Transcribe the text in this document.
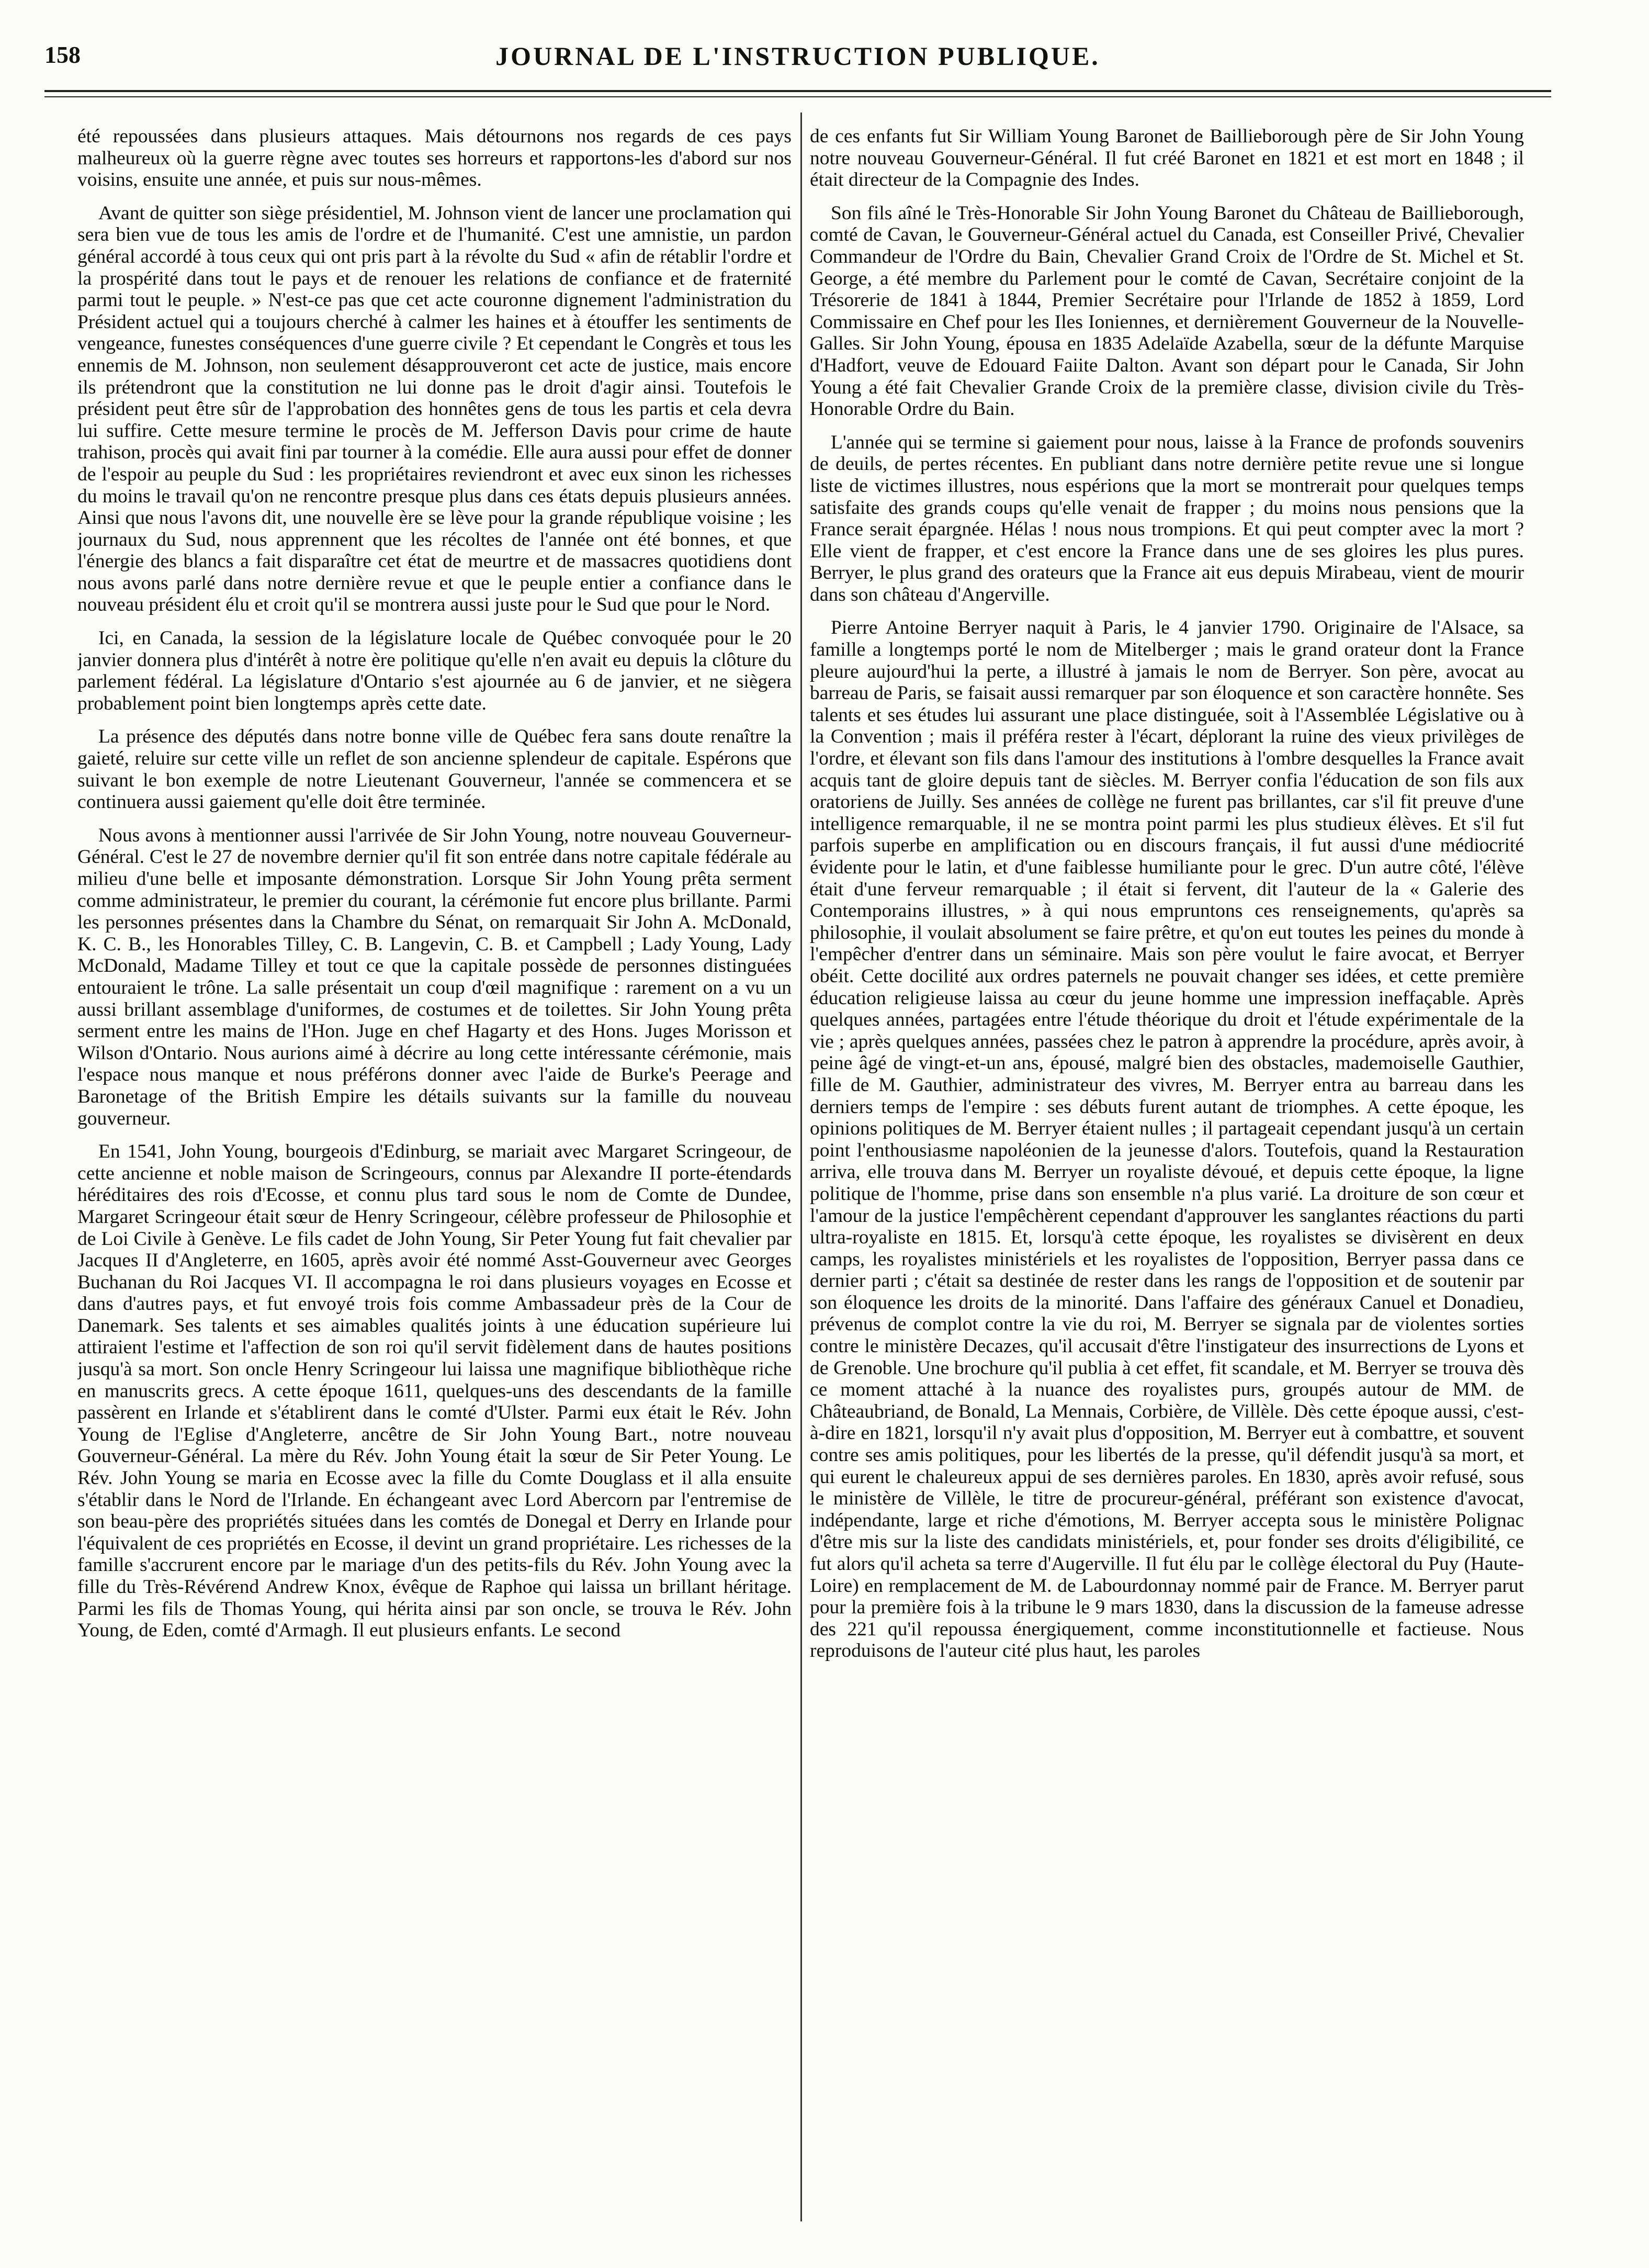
158	JOURNAL DE L'INSTRUCTION PUBLIQUE.

été repoussées dans plusieurs attaques. Mais détournons nos regards de ces pays malheureux où la guerre règne avec toutes ses horreurs et rapportons-les d'abord sur nos voisins, ensuite une année, et puis sur nous-mêmes.

Avant de quitter son siège présidentiel, M. Johnson vient de lancer une proclamation qui sera bien vue de tous les amis de l'ordre et de l'humanité. C'est une amnistie, un pardon général accordé à tous ceux qui ont pris part à la révolte du Sud « afin de rétablir l'ordre et la prospérité dans tout le pays et de renouer les relations de confiance et de fraternité parmi tout le peuple. » N'est-ce pas que cet acte couronne dignement l'administration du Président actuel qui a toujours cherché à calmer les haines et à étouffer les sentiments de vengeance, funestes conséquences d'une guerre civile ? Et cependant le Congrès et tous les ennemis de M. Johnson, non seulement désapprouveront cet acte de justice, mais encore ils prétendront que la constitution ne lui donne pas le droit d'agir ainsi. Toutefois le président peut être sûr de l'approbation des honnêtes gens de tous les partis et cela devra lui suffire. Cette mesure termine le procès de M. Jefferson Davis pour crime de haute trahison, procès qui avait fini par tourner à la comédie. Elle aura aussi pour effet de donner de l'espoir au peuple du Sud : les propriétaires reviendront et avec eux sinon les richesses du moins le travail qu'on ne rencontre presque plus dans ces états depuis plusieurs années. Ainsi que nous l'avons dit, une nouvelle ère se lève pour la grande république voisine ; les journaux du Sud, nous apprennent que les récoltes de l'année ont été bonnes, et que l'énergie des blancs a fait disparaître cet état de meurtre et de massacres quotidiens dont nous avons parlé dans notre dernière revue et que le peuple entier a confiance dans le nouveau président élu et croit qu'il se montrera aussi juste pour le Sud que pour le Nord.

Ici, en Canada, la session de la législature locale de Québec convoquée pour le 20 janvier donnera plus d'intérêt à notre ère politique qu'elle n'en avait eu depuis la clôture du parlement fédéral. La législature d'Ontario s'est ajournée au 6 de janvier, et ne siègera probablement point bien longtemps après cette date.

La présence des députés dans notre bonne ville de Québec fera sans doute renaître la gaieté, reluire sur cette ville un reflet de son ancienne splendeur de capitale. Espérons que suivant le bon exemple de notre Lieutenant Gouverneur, l'année se commencera et se continuera aussi gaiement qu'elle doit être terminée.

Nous avons à mentionner aussi l'arrivée de Sir John Young, notre nouveau Gouverneur-Général. C'est le 27 de novembre dernier qu'il fit son entrée dans notre capitale fédérale au milieu d'une belle et imposante démonstration. Lorsque Sir John Young prêta serment comme administrateur, le premier du courant, la cérémonie fut encore plus brillante. Parmi les personnes présentes dans la Chambre du Sénat, on remarquait Sir John A. McDonald, K. C. B., les Honorables Tilley, C. B. Langevin, C. B. et Campbell ; Lady Young, Lady McDonald, Madame Tilley et tout ce que la capitale possède de personnes distinguées entouraient le trône. La salle présentait un coup d'œil magnifique : rarement on a vu un aussi brillant assemblage d'uniformes, de costumes et de toilettes. Sir John Young prêta serment entre les mains de l'Hon. Juge en chef Hagarty et des Hons. Juges Morisson et Wilson d'Ontario. Nous aurions aimé à décrire au long cette intéressante cérémonie, mais l'espace nous manque et nous préférons donner avec l'aide de Burke's Peerage and Baronetage of the British Empire les détails suivants sur la famille du nouveau gouverneur.

En 1541, John Young, bourgeois d'Edinburg, se mariait avec Margaret Scringeour, de cette ancienne et noble maison de Scringeours, connus par Alexandre II porte-étendards héréditaires des rois d'Ecosse, et connu plus tard sous le nom de Comte de Dundee, Margaret Scringeour était sœur de Henry Scringeour, célèbre professeur de Philosophie et de Loi Civile à Genève. Le fils cadet de John Young, Sir Peter Young fut fait chevalier par Jacques II d'Angleterre, en 1605, après avoir été nommé Asst-Gouverneur avec Georges Buchanan du Roi Jacques VI. Il accompagna le roi dans plusieurs voyages en Ecosse et dans d'autres pays, et fut envoyé trois fois comme Ambassadeur près de la Cour de Danemark. Ses talents et ses aimables qualités joints à une éducation supérieure lui attiraient l'estime et l'affection de son roi qu'il servit fidèlement dans de hautes positions jusqu'à sa mort. Son oncle Henry Scringeour lui laissa une magnifique bibliothèque riche en manuscrits grecs. A cette époque 1611, quelques-uns des descendants de la famille passèrent en Irlande et s'établirent dans le comté d'Ulster. Parmi eux était le Rév. John Young de l'Eglise d'Angleterre, ancêtre de Sir John Young Bart., notre nouveau Gouverneur-Général. La mère du Rév. John Young était la sœur de Sir Peter Young. Le Rév. John Young se maria en Ecosse avec la fille du Comte Douglass et il alla ensuite s'établir dans le Nord de l'Irlande. En échangeant avec Lord Abercorn par l'entremise de son beau-père des propriétés situées dans les comtés de Donegal et Derry en Irlande pour l'équivalent de ces propriétés en Ecosse, il devint un grand propriétaire. Les richesses de la famille s'accrurent encore par le mariage d'un des petits-fils du Rév. John Young avec la fille du Très-Révérend Andrew Knox, évêque de Raphoe qui laissa un brillant héritage. Parmi les fils de Thomas Young, qui hérita ainsi par son oncle, se trouva le Rév. John Young, de Eden, comté d'Armagh. Il eut plusieurs enfants. Le second

de ces enfants fut Sir William Young Baronet de Baillieborough père de Sir John Young notre nouveau Gouverneur-Général. Il fut créé Baronet en 1821 et est mort en 1848 ; il était directeur de la Compagnie des Indes.

Son fils aîné le Très-Honorable Sir John Young Baronet du Château de Baillieborough, comté de Cavan, le Gouverneur-Général actuel du Canada, est Conseiller Privé, Chevalier Commandeur de l'Ordre du Bain, Chevalier Grand Croix de l'Ordre de St. Michel et St. George, a été membre du Parlement pour le comté de Cavan, Secrétaire conjoint de la Trésorerie de 1841 à 1844, Premier Secrétaire pour l'Irlande de 1852 à 1859, Lord Commissaire en Chef pour les Iles Ioniennes, et dernièrement Gouverneur de la Nouvelle-Galles. Sir John Young, épousa en 1835 Adelaïde Azabella, sœur de la défunte Marquise d'Hadfort, veuve de Edouard Faiite Dalton. Avant son départ pour le Canada, Sir John Young a été fait Chevalier Grande Croix de la première classe, division civile du Très-Honorable Ordre du Bain.

L'année qui se termine si gaiement pour nous, laisse à la France de profonds souvenirs de deuils, de pertes récentes. En publiant dans notre dernière petite revue une si longue liste de victimes illustres, nous espérions que la mort se montrerait pour quelques temps satisfaite des grands coups qu'elle venait de frapper ; du moins nous pensions que la France serait épargnée. Hélas ! nous nous trompions. Et qui peut compter avec la mort ? Elle vient de frapper, et c'est encore la France dans une de ses gloires les plus pures. Berryer, le plus grand des orateurs que la France ait eus depuis Mirabeau, vient de mourir dans son château d'Angerville.

Pierre Antoine Berryer naquit à Paris, le 4 janvier 1790. Originaire de l'Alsace, sa famille a longtemps porté le nom de Mitelberger ; mais le grand orateur dont la France pleure aujourd'hui la perte, a illustré à jamais le nom de Berryer. Son père, avocat au barreau de Paris, se faisait aussi remarquer par son éloquence et son caractère honnête. Ses talents et ses études lui assurant une place distinguée, soit à l'Assemblée Législative ou à la Convention ; mais il préféra rester à l'écart, déplorant la ruine des vieux privilèges de l'ordre, et élevant son fils dans l'amour des institutions à l'ombre desquelles la France avait acquis tant de gloire depuis tant de siècles. M. Berryer confia l'éducation de son fils aux oratoriens de Juilly. Ses années de collège ne furent pas brillantes, car s'il fit preuve d'une intelligence remarquable, il ne se montra point parmi les plus studieux élèves. Et s'il fut parfois superbe en amplification ou en discours français, il fut aussi d'une médiocrité évidente pour le latin, et d'une faiblesse humiliante pour le grec. D'un autre côté, l'élève était d'une ferveur remarquable ; il était si fervent, dit l'auteur de la « Galerie des Contemporains illustres, » à qui nous empruntons ces renseignements, qu'après sa philosophie, il voulait absolument se faire prêtre, et qu'on eut toutes les peines du monde à l'empêcher d'entrer dans un séminaire. Mais son père voulut le faire avocat, et Berryer obéit. Cette docilité aux ordres paternels ne pouvait changer ses idées, et cette première éducation religieuse laissa au cœur du jeune homme une impression ineffaçable. Après quelques années, partagées entre l'étude théorique du droit et l'étude expérimentale de la vie ; après quelques années, passées chez le patron à apprendre la procédure, après avoir, à peine âgé de vingt-et-un ans, épousé, malgré bien des obstacles, mademoiselle Gauthier, fille de M. Gauthier, administrateur des vivres, M. Berryer entra au barreau dans les derniers temps de l'empire : ses débuts furent autant de triomphes. A cette époque, les opinions politiques de M. Berryer étaient nulles ; il partageait cependant jusqu'à un certain point l'enthousiasme napoléonien de la jeunesse d'alors. Toutefois, quand la Restauration arriva, elle trouva dans M. Berryer un royaliste dévoué, et depuis cette époque, la ligne politique de l'homme, prise dans son ensemble n'a plus varié. La droiture de son cœur et l'amour de la justice l'empêchèrent cependant d'approuver les sanglantes réactions du parti ultra-royaliste en 1815. Et, lorsqu'à cette époque, les royalistes se divisèrent en deux camps, les royalistes ministériels et les royalistes de l'opposition, Berryer passa dans ce dernier parti ; c'était sa destinée de rester dans les rangs de l'opposition et de soutenir par son éloquence les droits de la minorité. Dans l'affaire des généraux Canuel et Donadieu, prévenus de complot contre la vie du roi, M. Berryer se signala par de violentes sorties contre le ministère Decazes, qu'il accusait d'être l'instigateur des insurrections de Lyons et de Grenoble. Une brochure qu'il publia à cet effet, fit scandale, et M. Berryer se trouva dès ce moment attaché à la nuance des royalistes purs, groupés autour de MM. de Châteaubriand, de Bonald, La Mennais, Corbière, de Villèle. Dès cette époque aussi, c'est-à-dire en 1821, lorsqu'il n'y avait plus d'opposition, M. Berryer eut à combattre, et souvent contre ses amis politiques, pour les libertés de la presse, qu'il défendit jusqu'à sa mort, et qui eurent le chaleureux appui de ses dernières paroles. En 1830, après avoir refusé, sous le ministère de Villèle, le titre de procureur-général, préférant son existence d'avocat, indépendante, large et riche d'émotions, M. Berryer accepta sous le ministère Polignac d'être mis sur la liste des candidats ministériels, et, pour fonder ses droits d'éligibilité, ce fut alors qu'il acheta sa terre d'Augerville. Il fut élu par le collège électoral du Puy (Haute-Loire) en remplacement de M. de Labourdonnay nommé pair de France. M. Berryer parut pour la première fois à la tribune le 9 mars 1830, dans la discussion de la fameuse adresse des 221 qu'il repoussa énergiquement, comme inconstitutionnelle et factieuse. Nous reproduisons de l'auteur cité plus haut, les paroles
